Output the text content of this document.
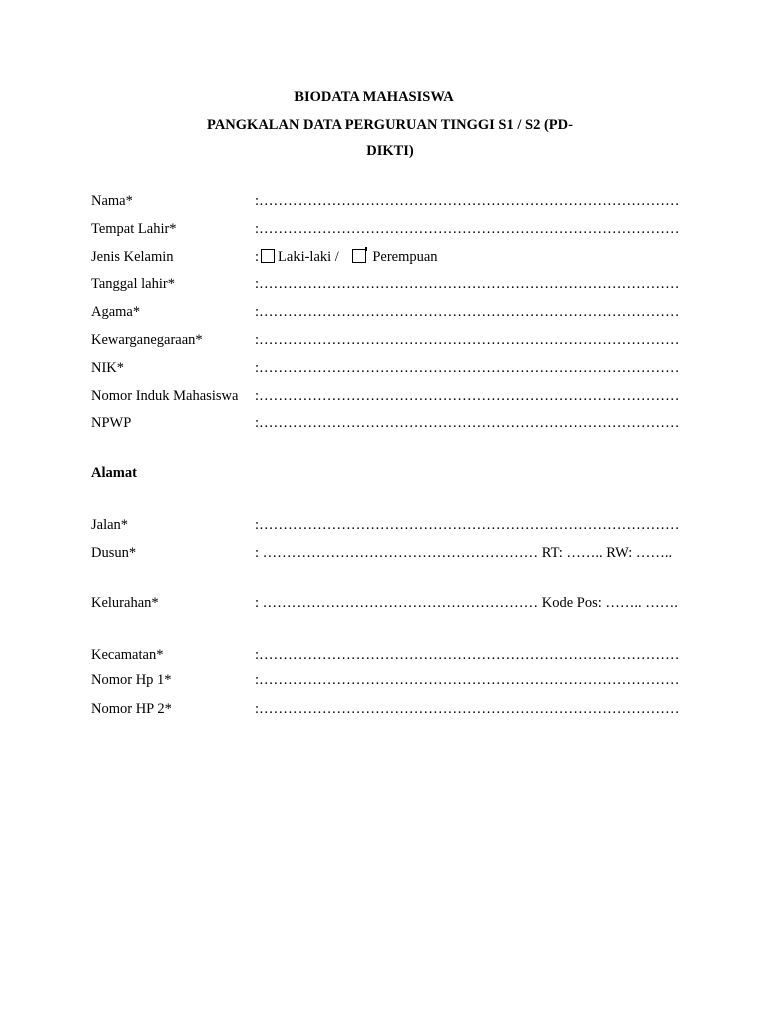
BIODATA MAHASISWA
PANGKALAN DATA PERGURUAN TINGGI S1 / S2 (PD-
DIKTI)
Nama*	:……………………………………………………………………………
Tempat Lahir*	:……………………………………………………………………………
Jenis Kelamin	: Laki-laki / Perempuan
Tanggal lahir*	:……………………………………………………………………………
Agama*	:……………………………………………………………………………
Kewarganegaraan*	:……………………………………………………………………………
NIK*	:……………………………………………………………………………
Nomor Induk Mahasiswa :……………………………………………………………………………
NPWP	:……………………………………………………………………………
Alamat
Jalan*	:……………………………………………………………………………
Dusun*	: ………………………………………………… RT: …….. RW: ……..
Kelurahan*	: ………………………………………………… Kode Pos: …….. …….
Kecamatan*	:……………………………………………………………………………
Nomor Hp 1*	:……………………………………………………………………………
Nomor HP 2*	:……………………………………………………………………………
